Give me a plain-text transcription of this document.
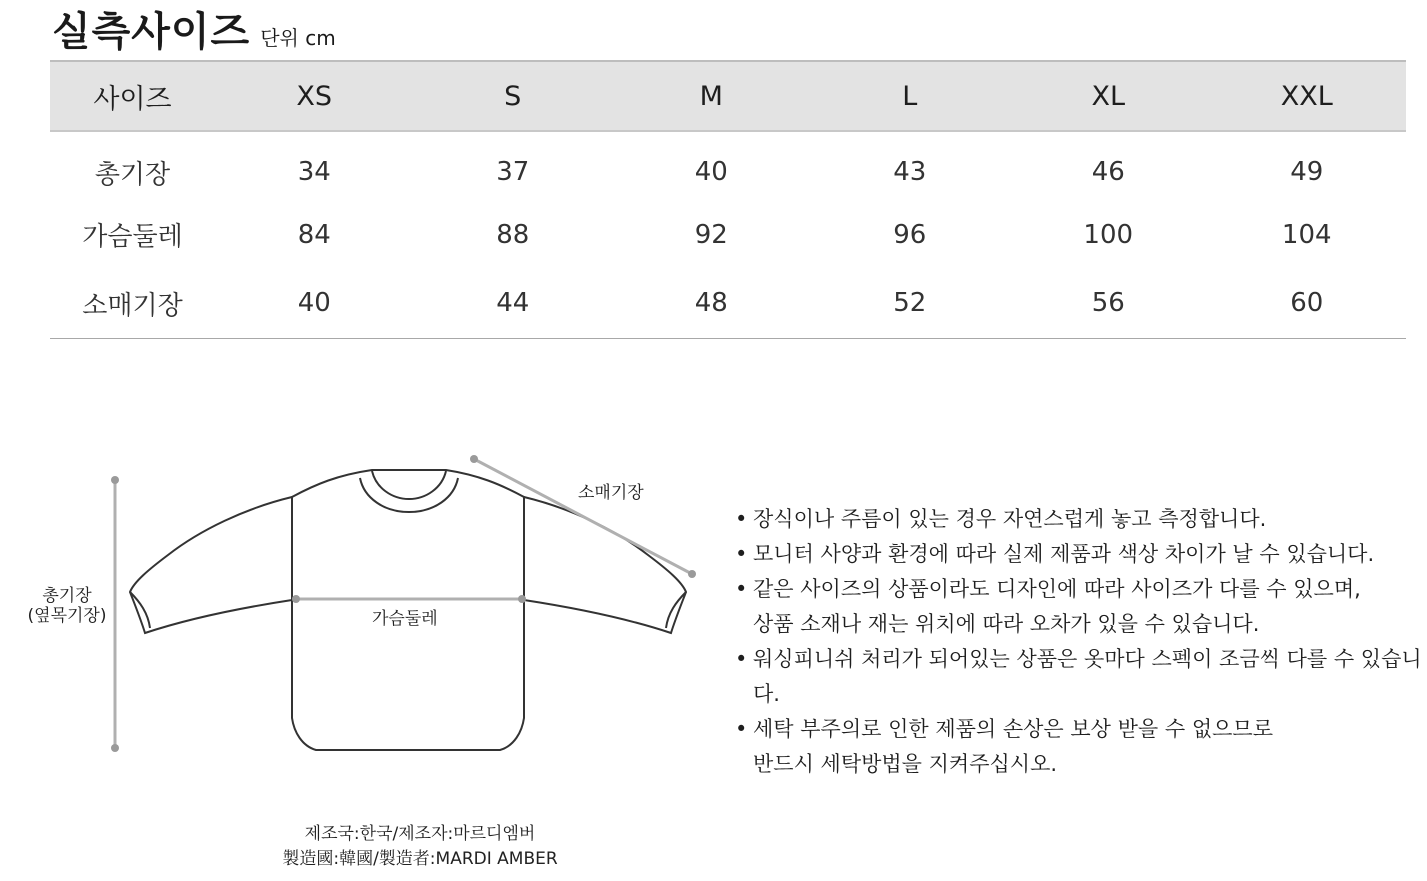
실측사이즈 단위 cm
사이즈	XS	S	M	L	XL	XXL
총기장	34	37	40	43	46	49
가슴둘레	84	88	92	96	100	104
소매기장	40	44	48	52	56	60
소매기장
가슴둘레
총기장
(옆목기장)
• 장식이나 주름이 있는 경우 자연스럽게 놓고 측정합니다.
• 모니터 사양과 환경에 따라 실제 제품과 색상 차이가 날 수 있습니다.
• 같은 사이즈의 상품이라도 디자인에 따라 사이즈가 다를 수 있으며,
상품 소재나 재는 위치에 따라 오차가 있을 수 있습니다.
• 워싱피니쉬 처리가 되어있는 상품은 옷마다 스펙이 조금씩 다를 수 있습니다.
• 세탁 부주의로 인한 제품의 손상은 보상 받을 수 없으므로
반드시 세탁방법을 지켜주십시오.
제조국:한국/제조자:마르디엠버
製造國:韓國/製造者:MARDI AMBER
